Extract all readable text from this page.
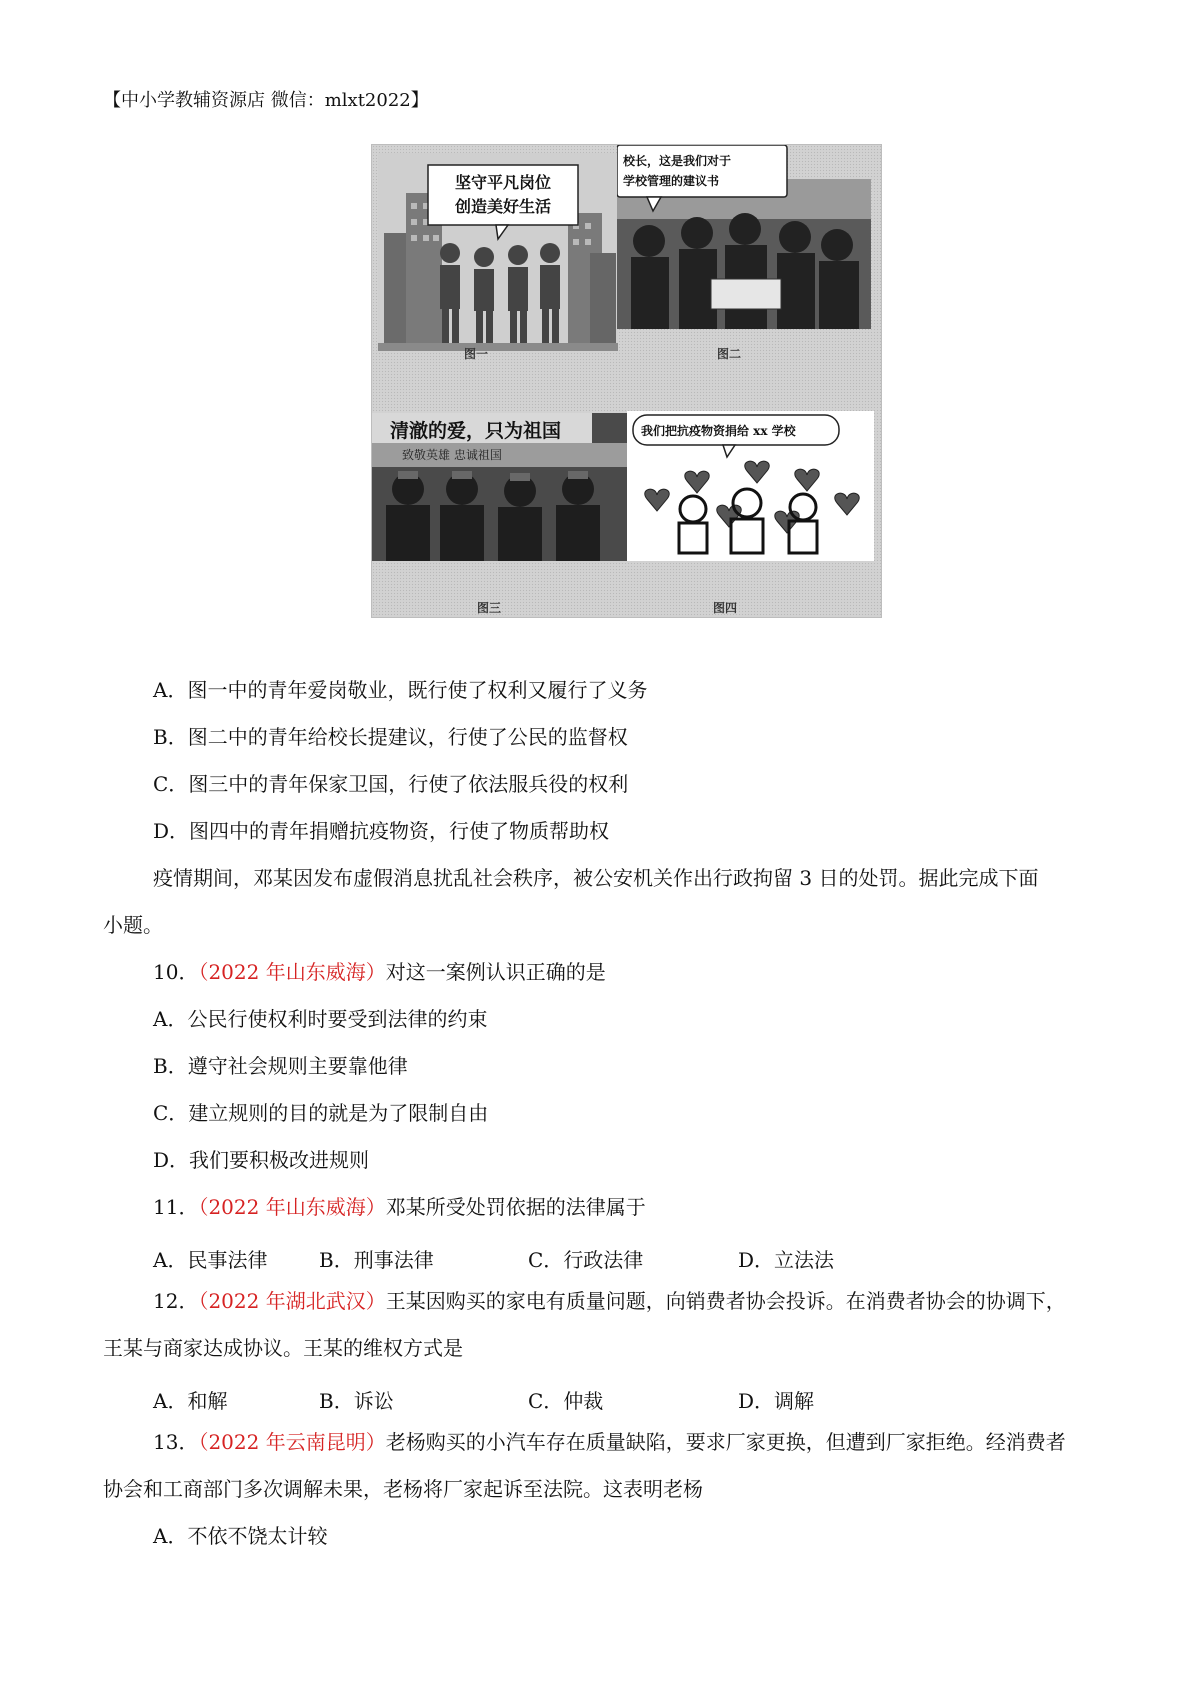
【中小学教辅资源店 微信：mlxt2022】
坚守平凡岗位
创造美好生活
图一
校长，这是我们对于
学校管理的建议书
图二
清澈的爱，只为祖国
致敬英雄 忠诚祖国
图三
我们把抗疫物资捐给 xx 学校
图四
A．图一中的青年爱岗敬业，既行使了权利又履行了义务
B．图二中的青年给校长提建议，行使了公民的监督权
C．图三中的青年保家卫国，行使了依法服兵役的权利
D．图四中的青年捐赠抗疫物资，行使了物质帮助权
疫情期间，邓某因发布虚假消息扰乱社会秩序，被公安机关作出行政拘留 3 日的处罚。据此完成下面
小题。
10．（2022 年山东威海）对这一案例认识正确的是
A．公民行使权利时要受到法律的约束
B．遵守社会规则主要靠他律
C．建立规则的目的就是为了限制自由
D．我们要积极改进规则
11．（2022 年山东威海）邓某所受处罚依据的法律属于
A．民事法律	B．刑事法律	C．行政法律	D．立法法
12．（2022 年湖北武汉）王某因购买的家电有质量问题，向销费者协会投诉。在消费者协会的协调下，
王某与商家达成协议。王某的维权方式是
A．和解	B．诉讼	C．仲裁	D．调解
13．（2022 年云南昆明）老杨购买的小汽车存在质量缺陷，要求厂家更换，但遭到厂家拒绝。经消费者
协会和工商部门多次调解未果，老杨将厂家起诉至法院。这表明老杨
A．不依不饶太计较
